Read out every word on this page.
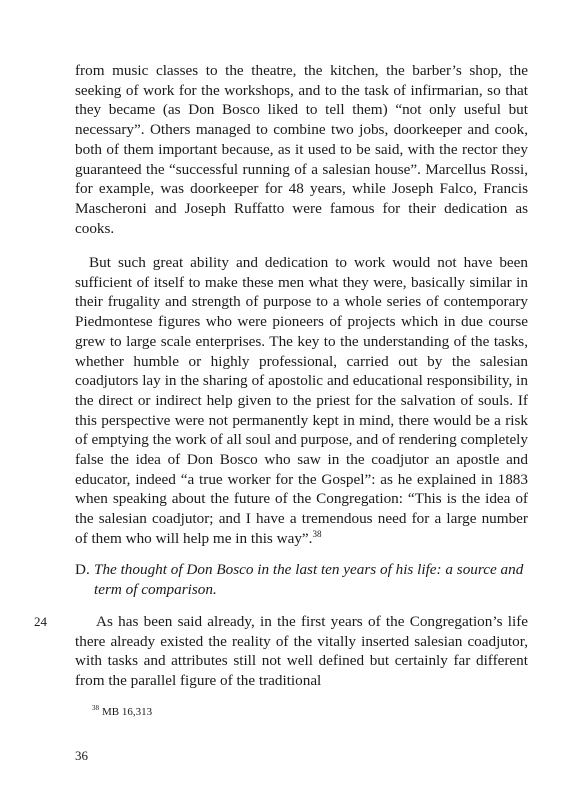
from music classes to the theatre, the kitchen, the barber’s shop, the seeking of work for the workshops, and to the task of infirmarian, so that they became (as Don Bosco liked to tell them) “not only useful but necessary”. Others managed to combine two jobs, doorkeeper and cook, both of them important because, as it used to be said, with the rector they guaranteed the “successful running of a salesian house”. Marcellus Rossi, for example, was doorkeeper for 48 years, while Joseph Falco, Francis Mascheroni and Joseph Ruffatto were famous for their dedication as cooks.

But such great ability and dedication to work would not have been sufficient of itself to make these men what they were, basically similar in their frugality and strength of purpose to a whole series of contemporary Piedmontese figures who were pioneers of projects which in due course grew to large scale enterprises. The key to the understanding of the tasks, whether humble or highly professional, carried out by the salesian coadjutors lay in the sharing of apostolic and educational responsibility, in the direct or indirect help given to the priest for the salvation of souls. If this perspective were not permanently kept in mind, there would be a risk of emptying the work of all soul and purpose, and of rendering completely false the idea of Don Bosco who saw in the coadjutor an apostle and educator, indeed “a true worker for the Gospel”: as he explained in 1883 when speaking about the future of the Congregation: “This is the idea of the salesian coadjutor; and I have a tremendous need for a large number of them who will help me in this way”.$^{38}$

D. The thought of Don Bosco in the last ten years of his life: a source and term of comparison.
24	As has been said already, in the first years of the Congregation’s life there already existed the reality of the vitally inserted salesian coadjutor, with tasks and attributes still not well defined but certainly far different from the parallel figure of the traditional

$^{38}$ MB 16,313
36
